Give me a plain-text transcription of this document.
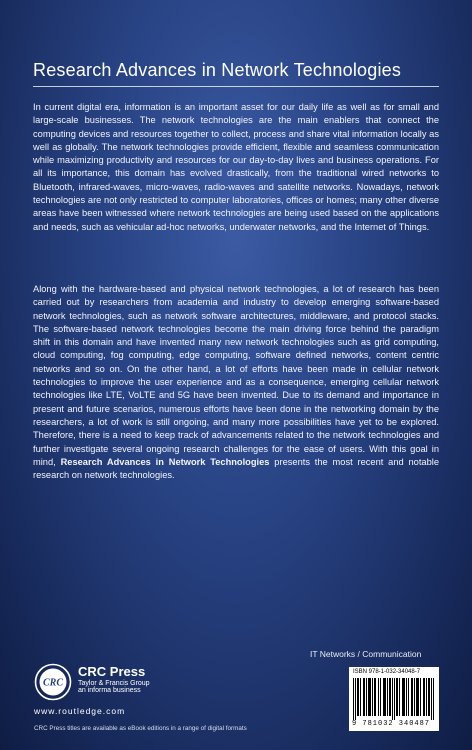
Research Advances in Network Technologies
In current digital era, information is an important asset for our daily life as well as for small and large-scale businesses. The network technologies are the main enablers that connect the computing devices and resources together to collect, process and share vital information locally as well as globally. The network technologies provide efficient, flexible and seamless communication while maximizing productivity and resources for our day-to-day lives and business operations. For all its importance, this domain has evolved drastically, from the traditional wired networks to Bluetooth, infrared-waves, micro-waves, radio-waves and satellite networks. Nowadays, network technologies are not only restricted to computer laboratories, offices or homes; many other diverse areas have been witnessed where network technologies are being used based on the applications and needs, such as vehicular ad-hoc networks, underwater networks, and the Internet of Things.
Along with the hardware-based and physical network technologies, a lot of research has been carried out by researchers from academia and industry to develop emerging software-based network technologies, such as network software architectures, middleware, and protocol stacks. The software-based network technologies become the main driving force behind the paradigm shift in this domain and have invented many new network technologies such as grid computing, cloud computing, fog computing, edge computing, software defined networks, content centric networks and so on. On the other hand, a lot of efforts have been made in cellular network technologies to improve the user experience and as a consequence, emerging cellular network technologies like LTE, VoLTE and 5G have been invented. Due to its demand and importance in present and future scenarios, numerous efforts have been done in the networking domain by the researchers, a lot of work is still ongoing, and many more possibilities have yet to be explored. Therefore, there is a need to keep track of advancements related to the network technologies and further investigate several ongoing research challenges for the ease of users. With this goal in mind, Research Advances in Network Technologies presents the most recent and notable research on network technologies.
IT Networks / Communication
ISBN 978-1-032-34048-7
9 781032 340487
CRC
CRC Press
Taylor & Francis Group
an informa business
www.routledge.com
CRC Press titles are available as eBook editions in a range of digital formats
